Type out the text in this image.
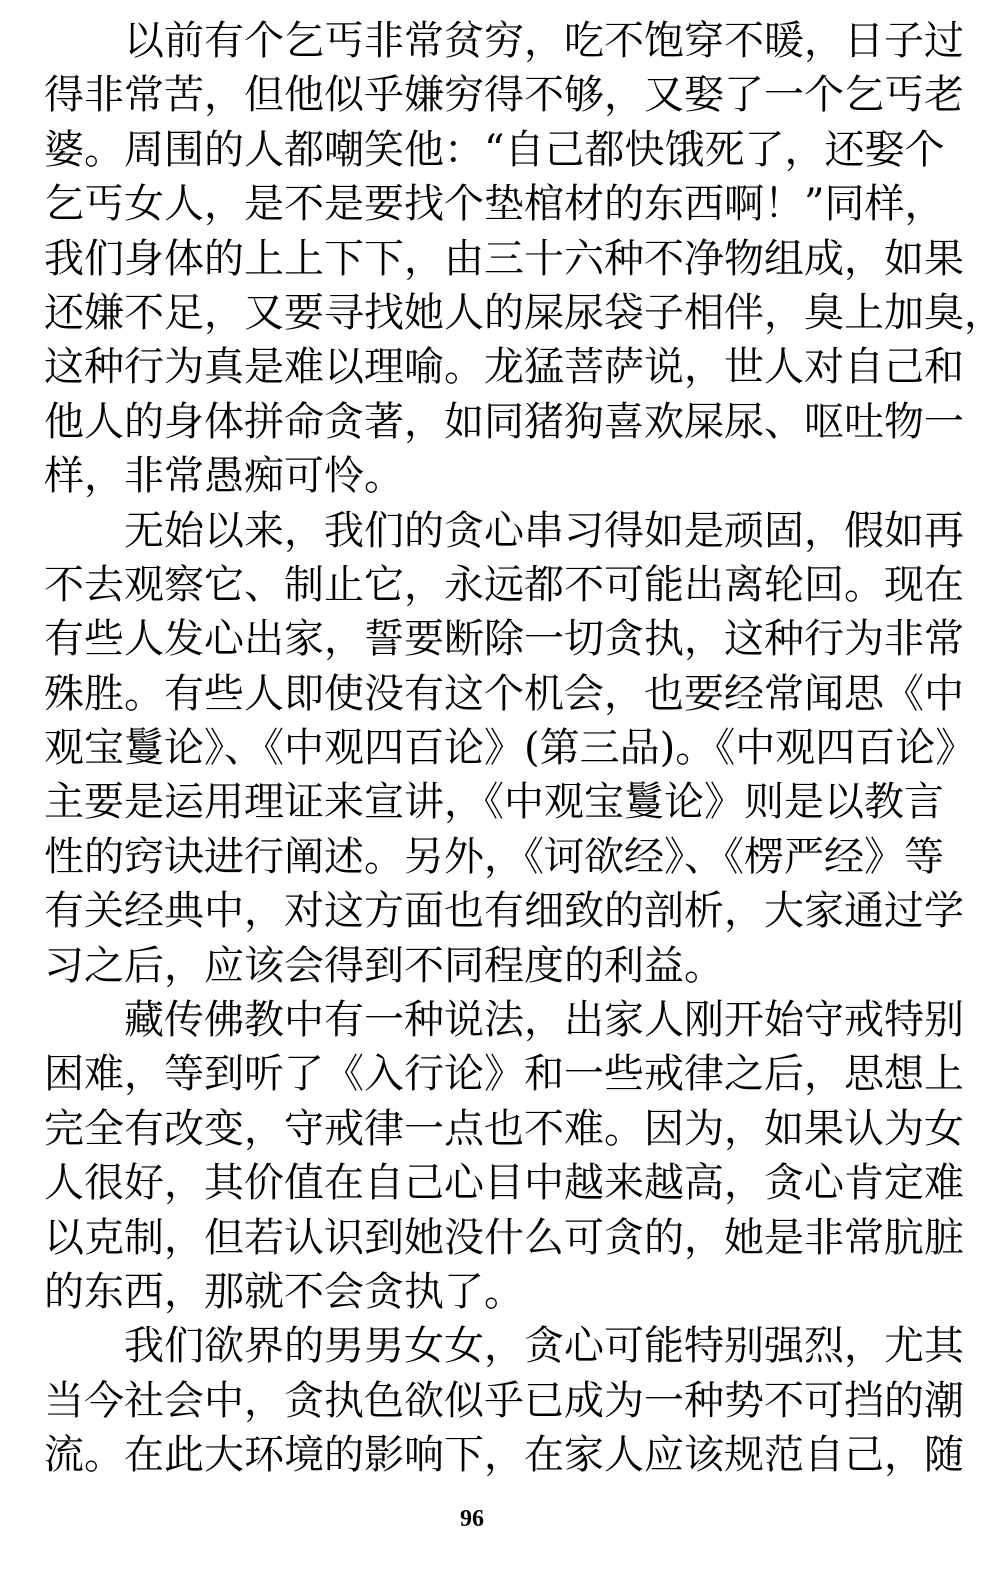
以前有个乞丐非常贫穷，吃不饱穿不暖，日子过
得非常苦，但他似乎嫌穷得不够，又娶了一个乞丐老
婆。周围的人都嘲笑他：“自己都快饿死了，还娶个
乞丐女人，是不是要找个垫棺材的东西啊！”同样，
我们身体的上上下下，由三十六种不净物组成，如果
还嫌不足，又要寻找她人的屎尿袋子相伴，臭上加臭，
这种行为真是难以理喻。龙猛菩萨说，世人对自己和
他人的身体拼命贪著，如同猪狗喜欢屎尿、呕吐物一
样，非常愚痴可怜。
无始以来，我们的贪心串习得如是顽固，假如再
不去观察它、制止它，永远都不可能出离轮回。现在
有些人发心出家，誓要断除一切贪执，这种行为非常
殊胜。有些人即使没有这个机会，也要经常闻思《中
观宝鬘论》、《中观四百论》(第三品)。《中观四百论》
主要是运用理证来宣讲，《中观宝鬘论》则是以教言
性的窍诀进行阐述。另外，《诃欲经》、《楞严经》等
有关经典中，对这方面也有细致的剖析，大家通过学
习之后，应该会得到不同程度的利益。
藏传佛教中有一种说法，出家人刚开始守戒特别
困难，等到听了《入行论》和一些戒律之后，思想上
完全有改变，守戒律一点也不难。因为，如果认为女
人很好，其价值在自己心目中越来越高，贪心肯定难
以克制，但若认识到她没什么可贪的，她是非常肮脏
的东西，那就不会贪执了。
我们欲界的男男女女，贪心可能特别强烈，尤其
当今社会中，贪执色欲似乎已成为一种势不可挡的潮
流。在此大环境的影响下，在家人应该规范自己，随
96
